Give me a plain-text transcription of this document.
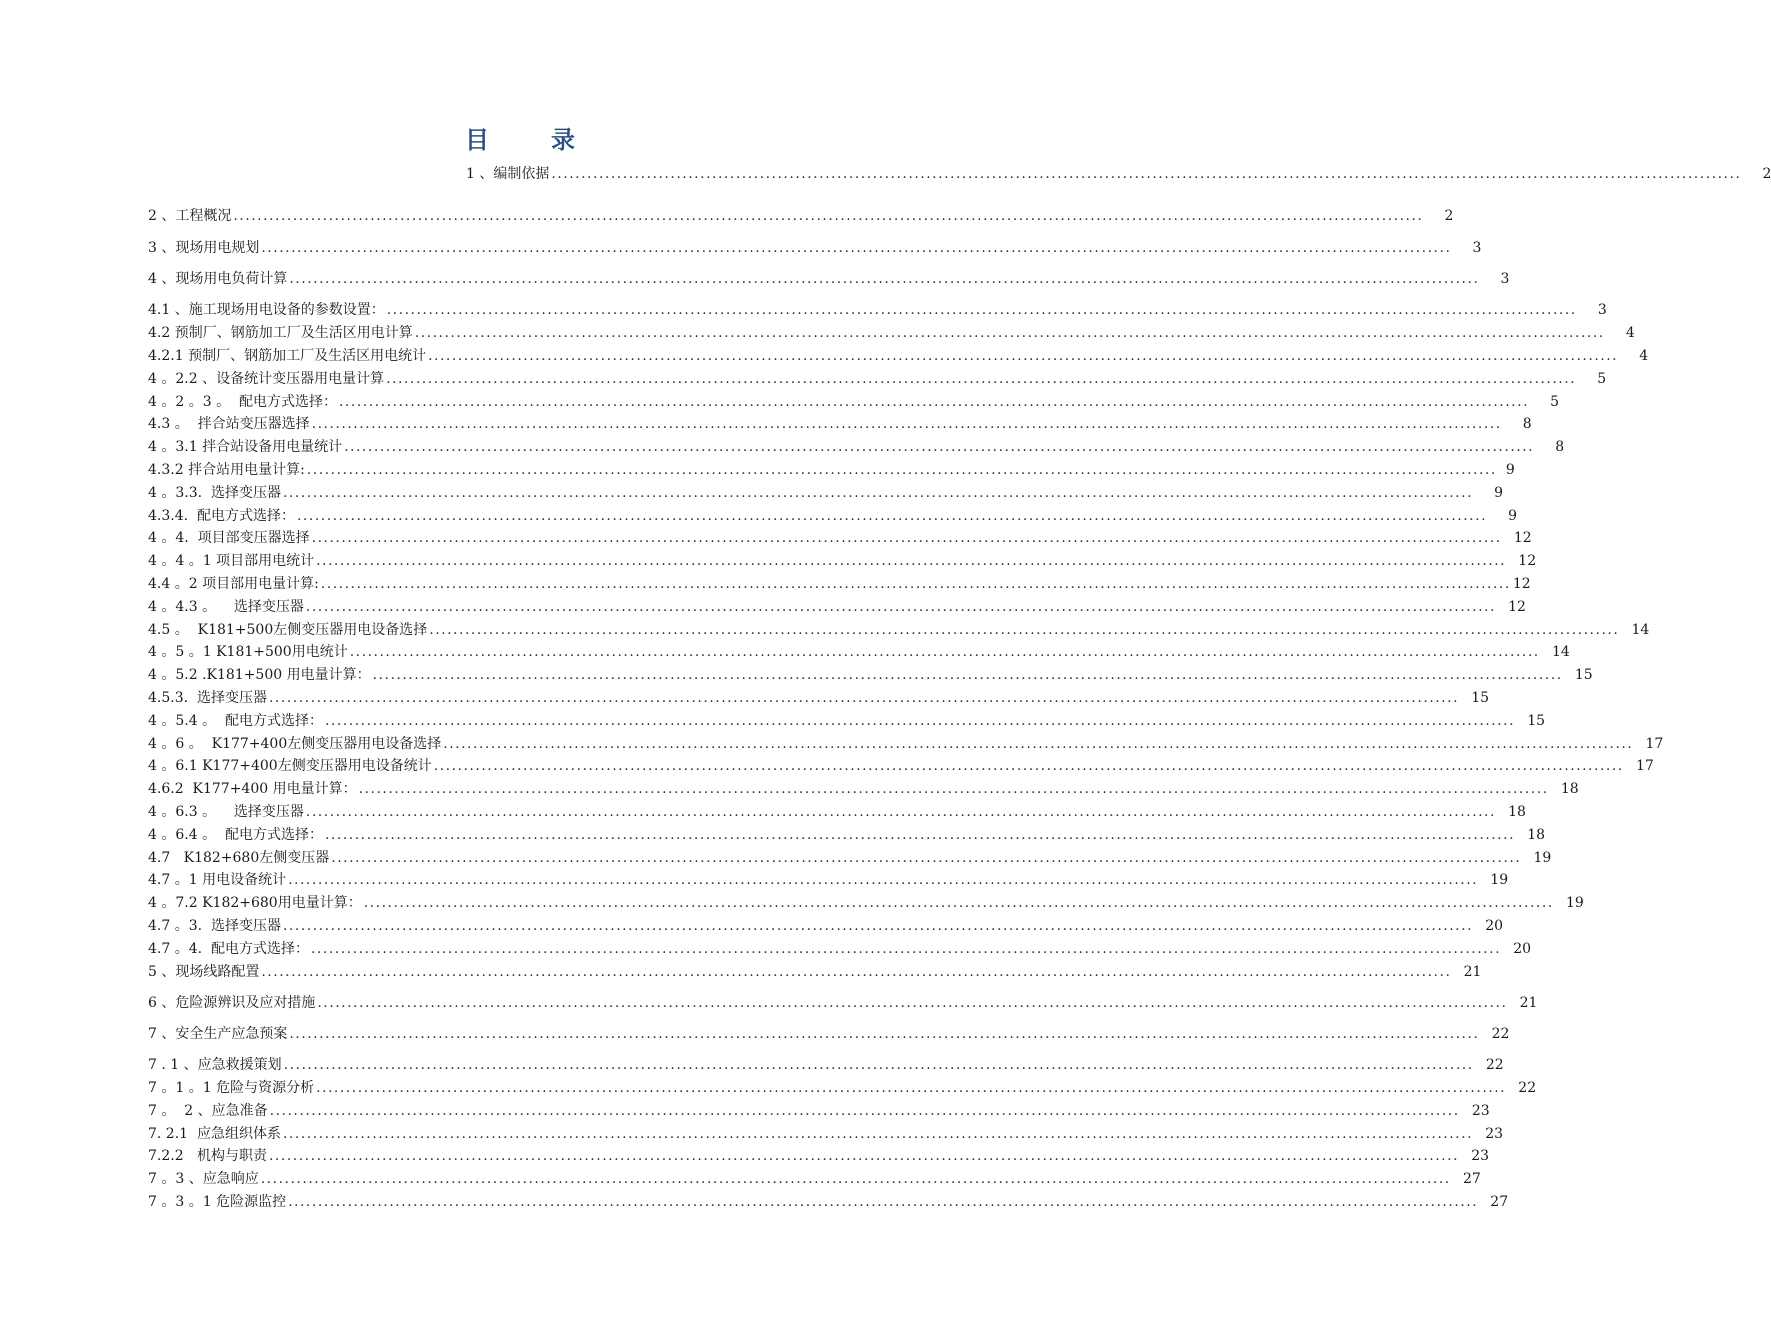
目	录
1 、编制依据 ........................................................................................................................................................................................................	2
2 、工程概况 ........................................................................................................................................................................................................	2
3 、现场用电规划 ........................................................................................................................................................................................................	3
4 、现场用电负荷计算 ........................................................................................................................................................................................................	3
4.1 、施工现场用电设备的参数设置： ........................................................................................................................................................................................................	3
4.2 预制厂、钢筋加工厂及生活区用电计算 ........................................................................................................................................................................................................	4
4.2.1 预制厂、钢筋加工厂及生活区用电统计 ........................................................................................................................................................................................................	4
4 。2.2 、设备统计变压器用电量计算 ........................................................................................................................................................................................................	5
4 。2 。3 。  配电方式选择： ........................................................................................................................................................................................................	5
4.3 。  拌合站变压器选择 ........................................................................................................................................................................................................	8
4 。3.1 拌合站设备用电量统计 ........................................................................................................................................................................................................	8
4.3.2 拌合站用电量计算: ........................................................................................................................................................................................................ 9
4 。3.3.  选择变压器 ........................................................................................................................................................................................................	9
4.3.4.  配电方式选择： ........................................................................................................................................................................................................	9
4 。4.  项目部变压器选择 ........................................................................................................................................................................................................ 12
4 。4 。1 项目部用电统计 ........................................................................................................................................................................................................ 12
4.4 。2 项目部用电量计算: ........................................................................................................................................................................................................ 12
4 。4.3 。    选择变压器 ........................................................................................................................................................................................................ 12
4.5 。  K181+500左侧变压器用电设备选择 ........................................................................................................................................................................................................ 14
4 。5 。1 K181+500用电统计 ........................................................................................................................................................................................................ 14
4 。5.2 .K181+500 用电量计算： ........................................................................................................................................................................................................ 15
4.5.3.  选择变压器 ........................................................................................................................................................................................................ 15
4 。5.4 。  配电方式选择： ........................................................................................................................................................................................................ 15
4 。6 。  K177+400左侧变压器用电设备选择 ........................................................................................................................................................................................................ 17
4 。6.1 K177+400左侧变压器用电设备统计 ........................................................................................................................................................................................................ 17
4.6.2  K177+400 用电量计算： ........................................................................................................................................................................................................ 18
4 。6.3 。    选择变压器 ........................................................................................................................................................................................................ 18
4 。6.4 。  配电方式选择： ........................................................................................................................................................................................................ 18
4.7   K182+680左侧变压器 ........................................................................................................................................................................................................ 19
4.7 。1 用电设备统计 ........................................................................................................................................................................................................ 19
4 。7.2 K182+680用电量计算： ........................................................................................................................................................................................................ 19
4.7 。3.  选择变压器 ........................................................................................................................................................................................................ 20
4.7 。4.  配电方式选择： ........................................................................................................................................................................................................ 20
5 、现场线路配置 ........................................................................................................................................................................................................ 21
6 、危险源辨识及应对措施 ........................................................................................................................................................................................................ 21
7 、安全生产应急预案 ........................................................................................................................................................................................................ 22
7 . 1 、应急救援策划 ........................................................................................................................................................................................................ 22
7 。1 。1 危险与资源分析 ........................................................................................................................................................................................................ 22
7 。  2 、应急准备 ........................................................................................................................................................................................................ 23
7. 2.1  应急组织体系 ........................................................................................................................................................................................................ 23
7.2.2   机构与职责 ........................................................................................................................................................................................................ 23
7 。3 、应急响应 ........................................................................................................................................................................................................ 27
7 。3 。1 危险源监控 ........................................................................................................................................................................................................ 27
